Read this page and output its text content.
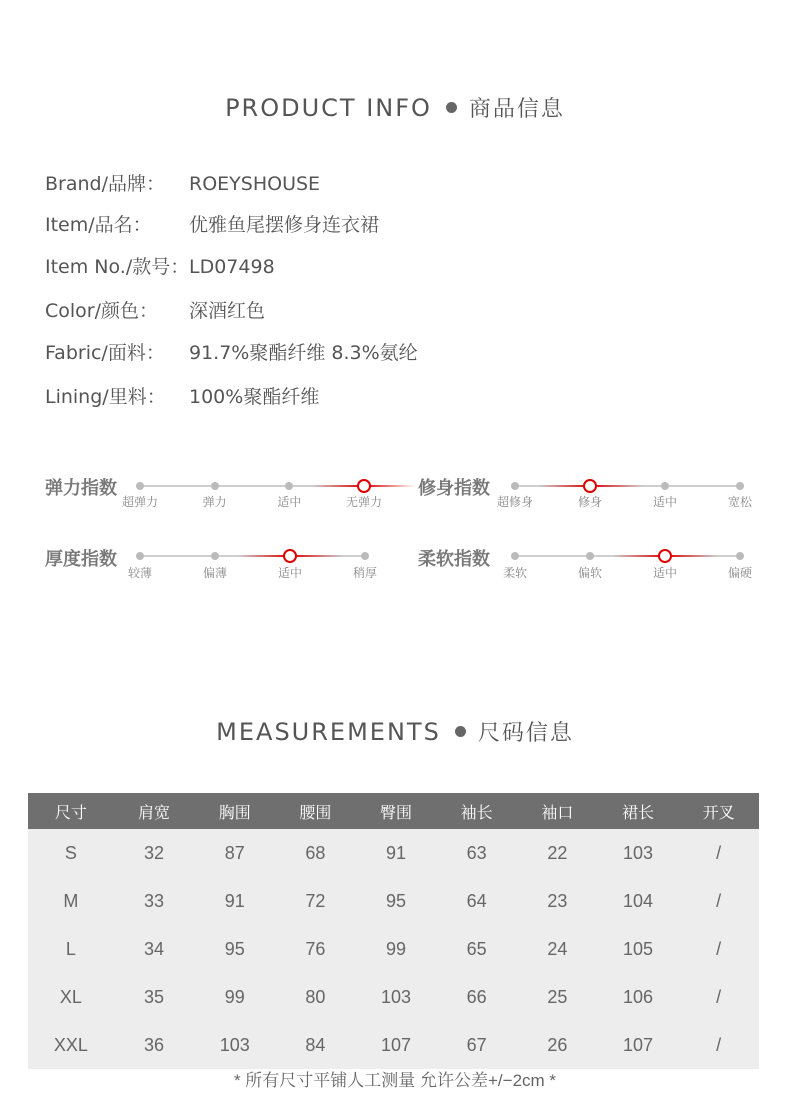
PRODUCT INFO 商品信息
Brand/品牌： ROEYSHOUSE
Item/品名： 优雅鱼尾摆修身连衣裙
Item No./款号：LD07498
Color/颜色： 深酒红色
Fabric/面料： 91.7%聚酯纤维 8.3%氨纶
Lining/里料： 100%聚酯纤维
弹力指数
超弹力	弹力	适中	无弹力
修身指数
超修身	修身	适中	宽松
厚度指数
较薄	偏薄	适中	稍厚
柔软指数
柔软	偏软	适中	偏硬
MEASUREMENTS 尺码信息
尺寸	肩宽	胸围	腰围	臀围	袖长	袖口	裙长	开叉
S	32	87	68	91	63	22	103	/
M	33	91	72	95	64	23	104	/
L	34	95	76	99	65	24	105	/
XL	35	99	80	103	66	25	106	/
XXL	36	103	84	107	67	26	107	/
* 所有尺寸平铺人工测量 允许公差+/−2cm *
